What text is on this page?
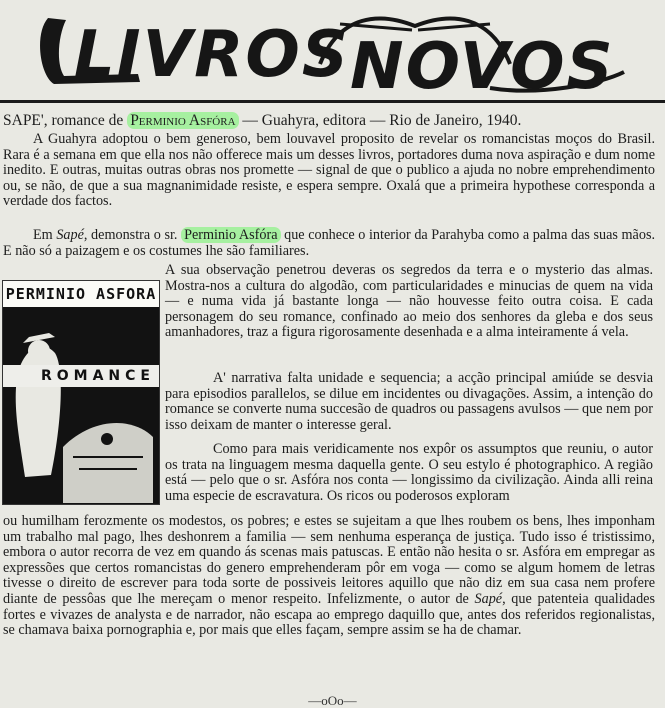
LIVROS NOVOS
SAPE', romance de Perminio Asfóra — Guahyra, editora — Rio de Janeiro, 1940.

A Guahyra adoptou o bem generoso, bem louvavel proposito de revelar os romancistas moços do Brasil. Rara é a semana em que ella nos não offerece mais um desses livros, portadores duma nova aspiração e dum nome inedito. E outras, muitas outras obras nos promette — signal de que o publico a ajuda no nobre emprehendimento ou, se não, de que a sua magnanimidade resiste, e espera sempre. Oxalá que a primeira hypothese corresponda a verdade dos factos.

Em Sapé, demonstra o sr. Perminio Asfóra que conhece o interior da Parahyba como a palma das suas mãos. E não só a paizagem e os costumes lhe são familiares.

PERMINIO ASFORA
ROMANCE

A sua observação penetrou deveras os segredos da terra e o mysterio das almas. Mostra-nos a cultura do algodão, com particularidades e minucias de quem na vida — e numa vida já bastante longa — não houvesse feito outra coisa. E cada personagem do seu romance, confinado ao meio dos senhores da gleba e dos seus amanhadores, traz a figura rigorosamente desenhada e a alma inteiramente á vela.

A' narrativa falta unidade e sequencia; a acção principal amiúde se desvia para episodios parallelos, se dilue em incidentes ou divagações. Assim, a intenção do romance se converte numa succesão de quadros ou passagens avulsos — que nem por isso deixam de manter o interesse geral.

Como para mais veridicamente nos expôr os assumptos que reuniu, o autor os trata na linguagem mesma daquella gente. O seu estylo é photographico. A região está — pelo que o sr. Asfóra nos conta — longissimo da civilização. Ainda alli reina uma especie de escravatura. Os ricos ou poderosos exploram

ou humilham ferozmente os modestos, os pobres; e estes se sujeitam a que lhes roubem os bens, lhes imponham um trabalho mal pago, lhes deshonrem a familia — sem nenhuma esperança de justiça. Tudo isso é tristissimo, embora o autor recorra de vez em quando ás scenas mais patuscas. E então não hesita o sr. Asfóra em empregar as expressões que certos romancistas do genero emprehenderam pôr em voga — como se algum homem de letras tivesse o direito de escrever para toda sorte de possiveis leitores aquillo que não diz em sua casa nem profere diante de pessôas que lhe mereçam o menor respeito. Infelizmente, o autor de Sapé, que patenteia qualidades fortes e vivazes de analysta e de narrador, não escapa ao emprego daquillo que, antes dos referidos regionalistas, se chamava baixa pornographia e, por mais que elles façam, sempre assim se ha de chamar.

—oOo—
